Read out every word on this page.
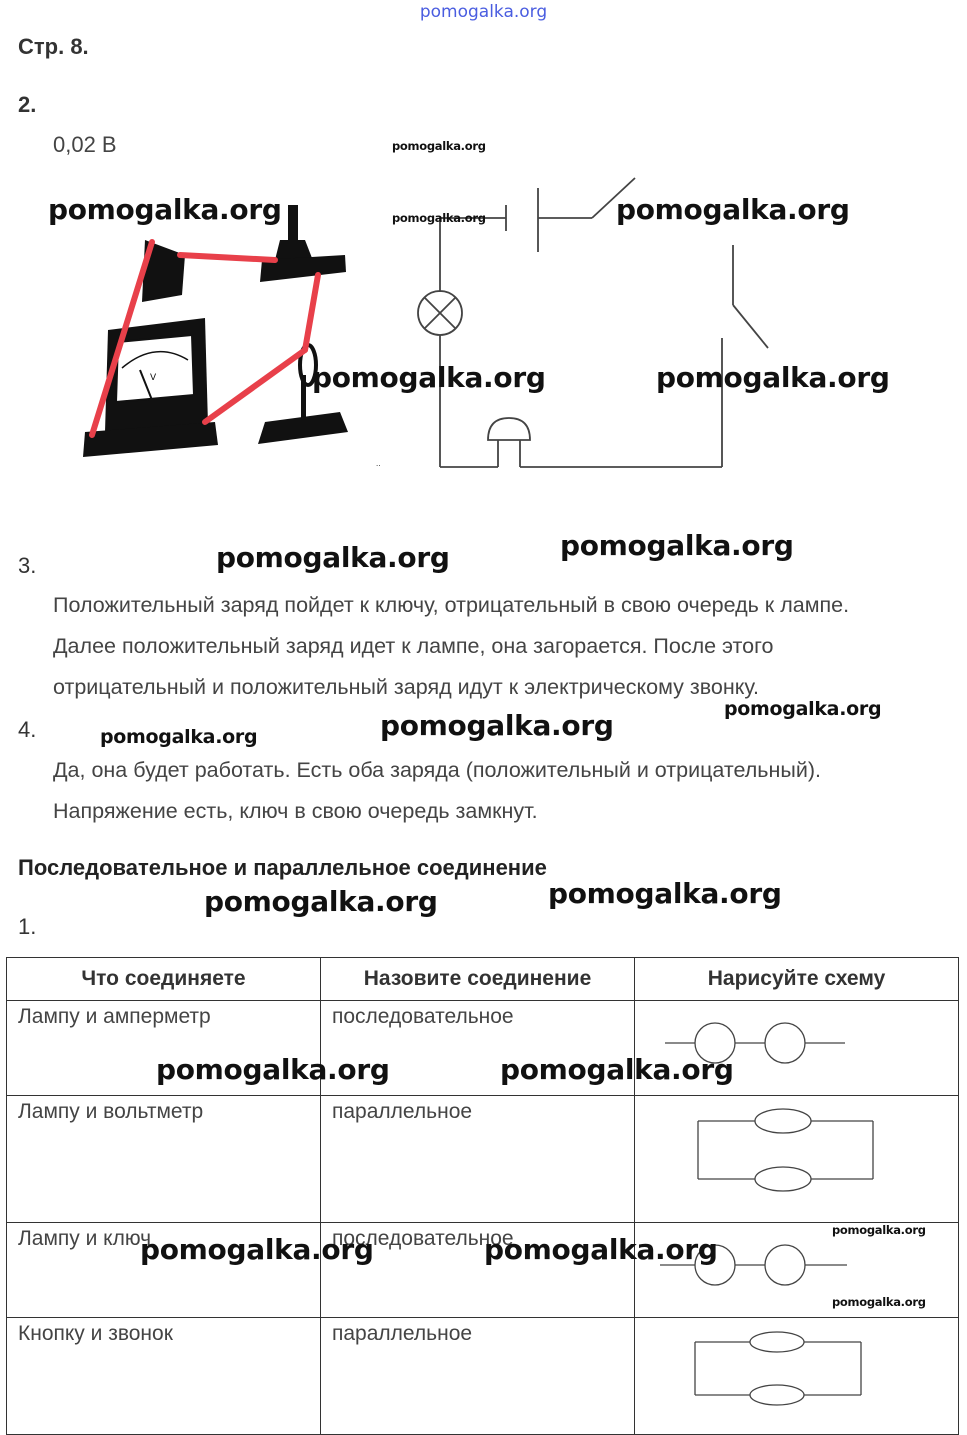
pomogalka.org
Стр. 8.
2.
0,02 В
V
..
3.

Положительный заряд пойдет к ключу, отрицательный в свою очередь к лампе.

Далее положительный заряд идет к лампе, она загорается. После этого

отрицательный и положительный заряд идут к электрическому звонку.

4.

Да, она будет работать. Есть оба заряда (положительный и отрицательный).

Напряжение есть, ключ в свою очередь замкнут.

Последовательное и параллельное соединение
1.
Что соединяете	Назовите соединение	Нарисуйте схему

Лампу и амперметр	последовательное

Лампу и вольтметр	параллельное

Лампу и ключ	последовательное

Кнопку и звонок	параллельное

pomogalka.org
pomogalka.org
pomogalka.org	pomogalka.org
pomogalka.org	pomogalka.org
pomogalka.org	pomogalka.org
pomogalka.org
pomogalka.org	pomogalka.org
pomogalka.org	pomogalka.org
pomogalka.org	pomogalka.org
pomogalka.org
pomogalka.org	pomogalka.org
pomogalka.org
